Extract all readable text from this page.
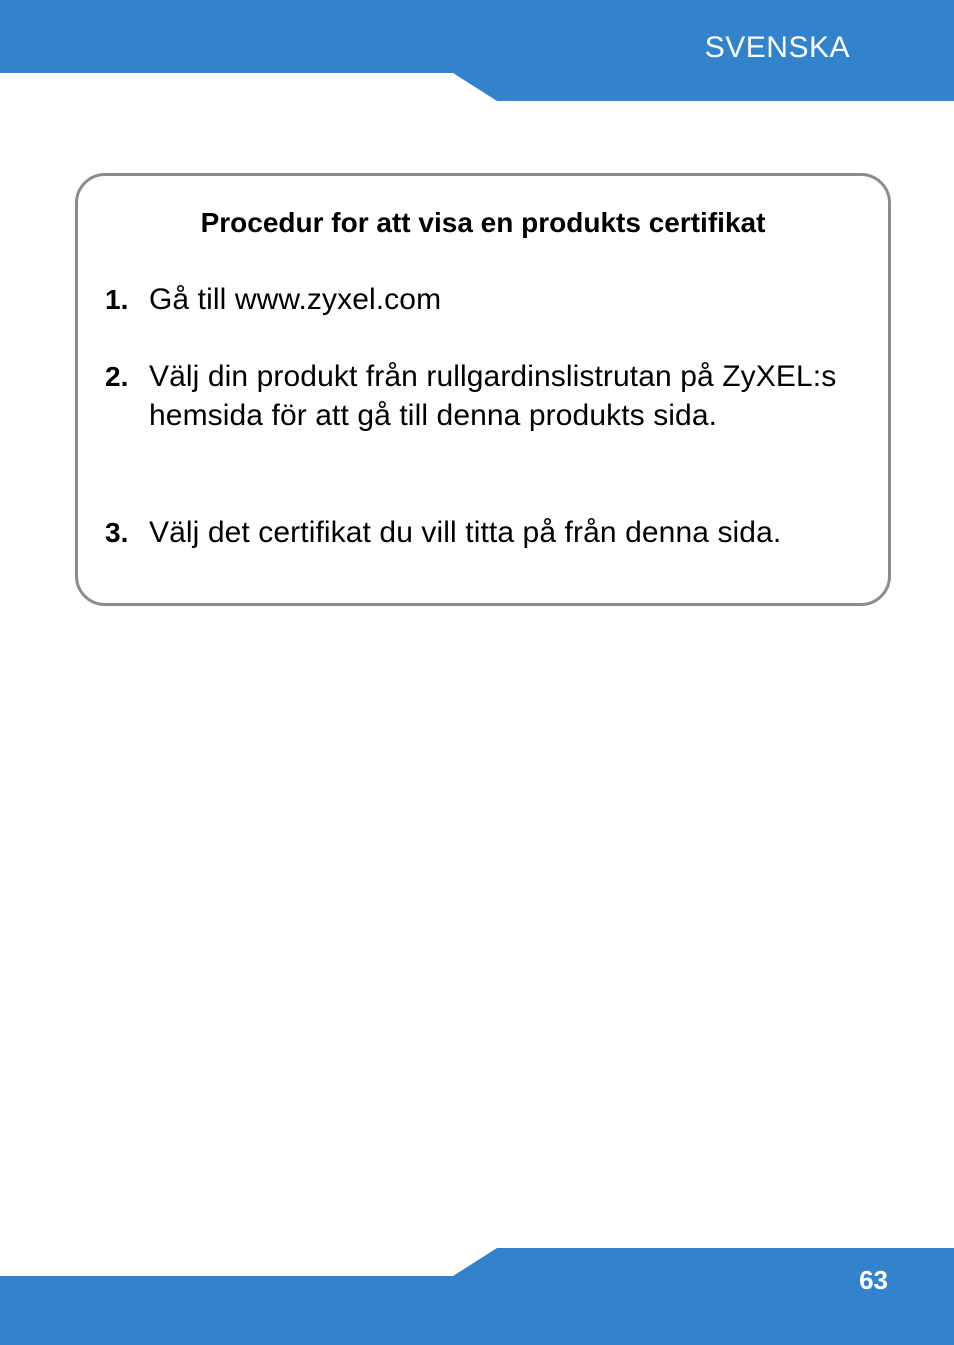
SVENSKA
Procedur for att visa en produkts certifikat
1. Gå till www.zyxel.com
2. Välj din produkt från rullgardinslistrutan på ZyXEL:s hemsida för att gå till denna produkts sida.
3. Välj det certifikat du vill titta på från denna sida.
63
